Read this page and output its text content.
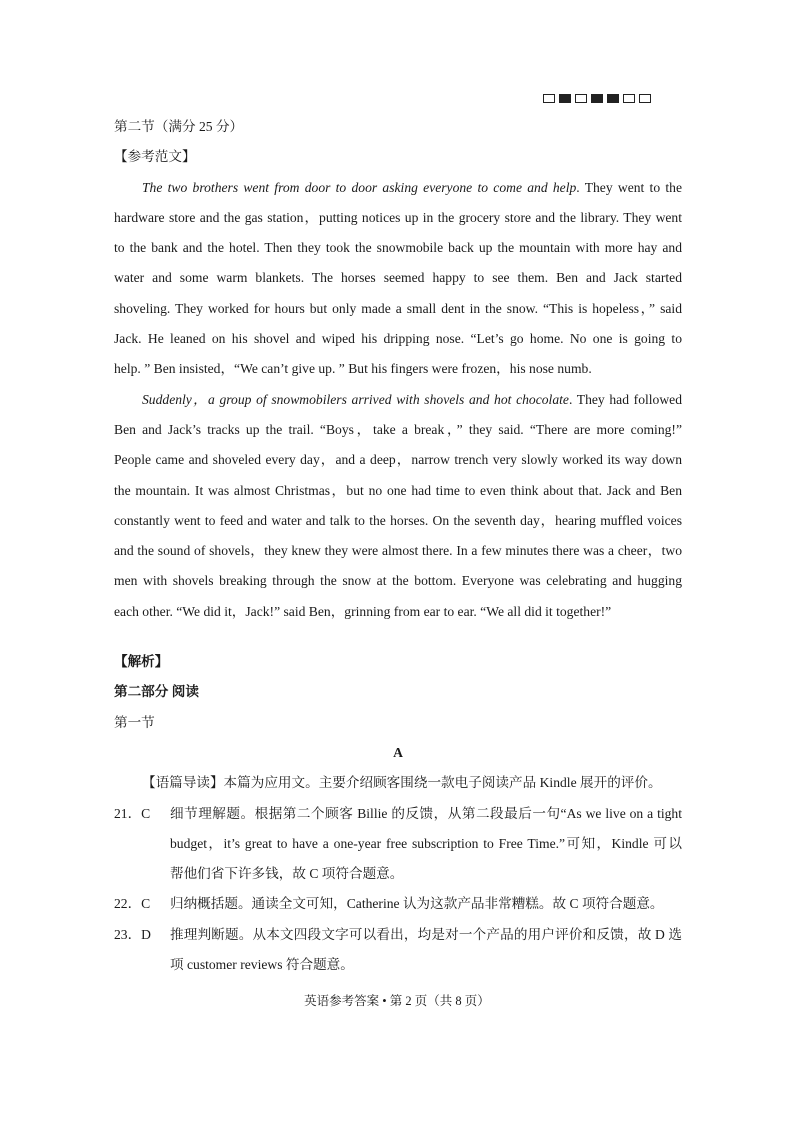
第二节（满分 25 分）
【参考范文】
The two brothers went from door to door asking everyone to come and help. They went to the
hardware store and the gas station，putting notices up in the grocery store and the library. They went
to the bank and the hotel. Then they took the snowmobile back up the mountain with more hay and
water and some warm blankets. The horses seemed happy to see them. Ben and Jack started
shoveling. They worked for hours but only made a small dent in the snow. “This is hopeless，” said
Jack. He leaned on his shovel and wiped his dripping nose. “Let’s go home. No one is going to
help. ” Ben insisted，“We can’t give up. ” But his fingers were frozen，his nose numb.
Suddenly，a group of snowmobilers arrived with shovels and hot chocolate. They had followed
Ben and Jack’s tracks up the trail. “Boys，take a break，” they said. “There are more coming!”
People came and shoveled every day，and a deep，narrow trench very slowly worked its way down
the mountain. It was almost Christmas，but no one had time to even think about that. Jack and Ben
constantly went to feed and water and talk to the horses. On the seventh day，hearing muffled voices
and the sound of shovels，they knew they were almost there. In a few minutes there was a cheer，two
men with shovels breaking through the snow at the bottom. Everyone was celebrating and hugging
each other. “We did it，Jack!” said Ben，grinning from ear to ear. “We all did it together!”
【解析】
第二部分 阅读
第一节
A
【语篇导读】本篇为应用文。主要介绍顾客围绕一款电子阅读产品 Kindle 展开的评价。
21．C	细节理解题。根据第二个顾客 Billie 的反馈，从第二段最后一句“As we live on a tight
budget，it’s great to have a one-year free subscription to Free Time.”可知，Kindle 可以
帮他们省下许多钱，故 C 项符合题意。
22．C	归纳概括题。通读全文可知，Catherine 认为这款产品非常糟糕。故 C 项符合题意。
23．D	推理判断题。从本文四段文字可以看出，均是对一个产品的用户评价和反馈，故 D 选
项 customer reviews 符合题意。
英语参考答案 • 第 2 页（共 8 页）
